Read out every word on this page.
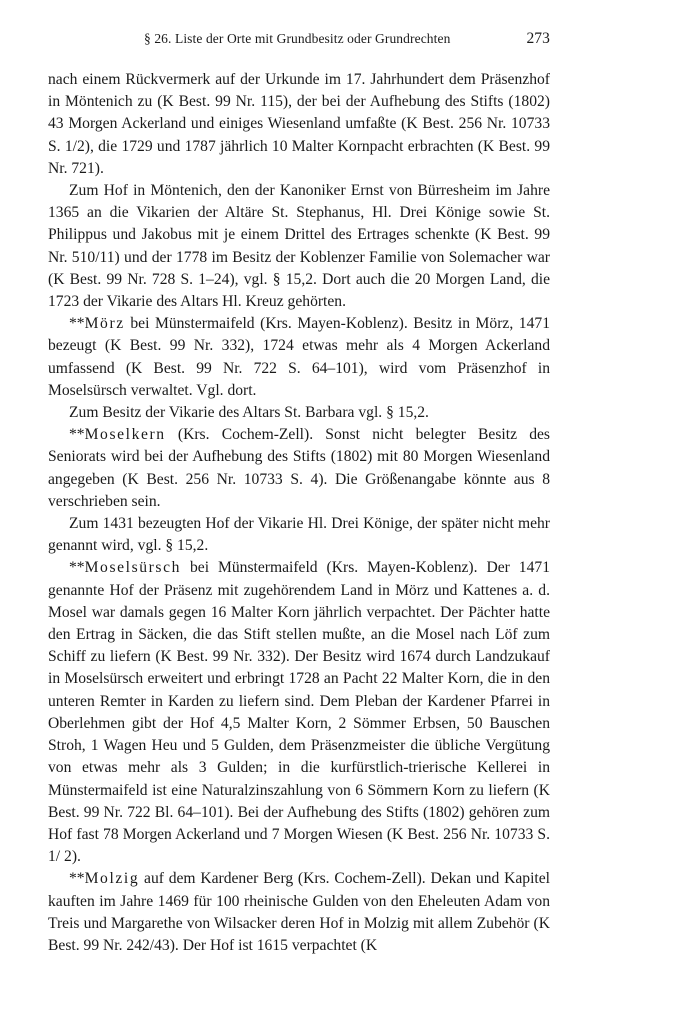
§ 26. Liste der Orte mit Grundbesitz oder Grundrechten	273

nach einem Rückvermerk auf der Urkunde im 17. Jahrhundert dem Präsenzhof in Möntenich zu (K Best. 99 Nr. 115), der bei der Aufhebung des Stifts (1802) 43 Morgen Ackerland und einiges Wiesenland umfaßte (K Best. 256 Nr. 10733 S. 1/2), die 1729 und 1787 jährlich 10 Malter Kornpacht erbrachten (K Best. 99 Nr. 721).

Zum Hof in Möntenich, den der Kanoniker Ernst von Bürresheim im Jahre 1365 an die Vikarien der Altäre St. Stephanus, Hl. Drei Könige sowie St. Philippus und Jakobus mit je einem Drittel des Ertrages schenkte (K Best. 99 Nr. 510/11) und der 1778 im Besitz der Koblenzer Familie von Solemacher war (K Best. 99 Nr. 728 S. 1–24), vgl. § 15,2. Dort auch die 20 Morgen Land, die 1723 der Vikarie des Altars Hl. Kreuz gehörten.

**Mörz bei Münstermaifeld (Krs. Mayen-Koblenz). Besitz in Mörz, 1471 bezeugt (K Best. 99 Nr. 332), 1724 etwas mehr als 4 Morgen Ackerland umfassend (K Best. 99 Nr. 722 S. 64–101), wird vom Präsenzhof in Moselsürsch verwaltet. Vgl. dort.

Zum Besitz der Vikarie des Altars St. Barbara vgl. § 15,2.

**Moselkern (Krs. Cochem-Zell). Sonst nicht belegter Besitz des Seniorats wird bei der Aufhebung des Stifts (1802) mit 80 Morgen Wiesenland angegeben (K Best. 256 Nr. 10733 S. 4). Die Größenangabe könnte aus 8 verschrieben sein.

Zum 1431 bezeugten Hof der Vikarie Hl. Drei Könige, der später nicht mehr genannt wird, vgl. § 15,2.

**Moselsürsch bei Münstermaifeld (Krs. Mayen-Koblenz). Der 1471 genannte Hof der Präsenz mit zugehörendem Land in Mörz und Kattenes a. d. Mosel war damals gegen 16 Malter Korn jährlich verpachtet. Der Pächter hatte den Ertrag in Säcken, die das Stift stellen mußte, an die Mosel nach Löf zum Schiff zu liefern (K Best. 99 Nr. 332). Der Besitz wird 1674 durch Landzukauf in Moselsürsch erweitert und erbringt 1728 an Pacht 22 Malter Korn, die in den unteren Remter in Karden zu liefern sind. Dem Pleban der Kardener Pfarrei in Oberlehmen gibt der Hof 4,5 Malter Korn, 2 Sömmer Erbsen, 50 Bauschen Stroh, 1 Wagen Heu und 5 Gulden, dem Präsenzmeister die übliche Vergütung von etwas mehr als 3 Gulden; in die kurfürstlich-trierische Kellerei in Münstermaifeld ist eine Naturalzinszahlung von 6 Sömmern Korn zu liefern (K Best. 99 Nr. 722 Bl. 64–101). Bei der Aufhebung des Stifts (1802) gehören zum Hof fast 78 Morgen Ackerland und 7 Morgen Wiesen (K Best. 256 Nr. 10733 S. 1/ 2).

**Molzig auf dem Kardener Berg (Krs. Cochem-Zell). Dekan und Kapitel kauften im Jahre 1469 für 100 rheinische Gulden von den Eheleuten Adam von Treis und Margarethe von Wilsacker deren Hof in Molzig mit allem Zubehör (K Best. 99 Nr. 242/43). Der Hof ist 1615 verpachtet (K
